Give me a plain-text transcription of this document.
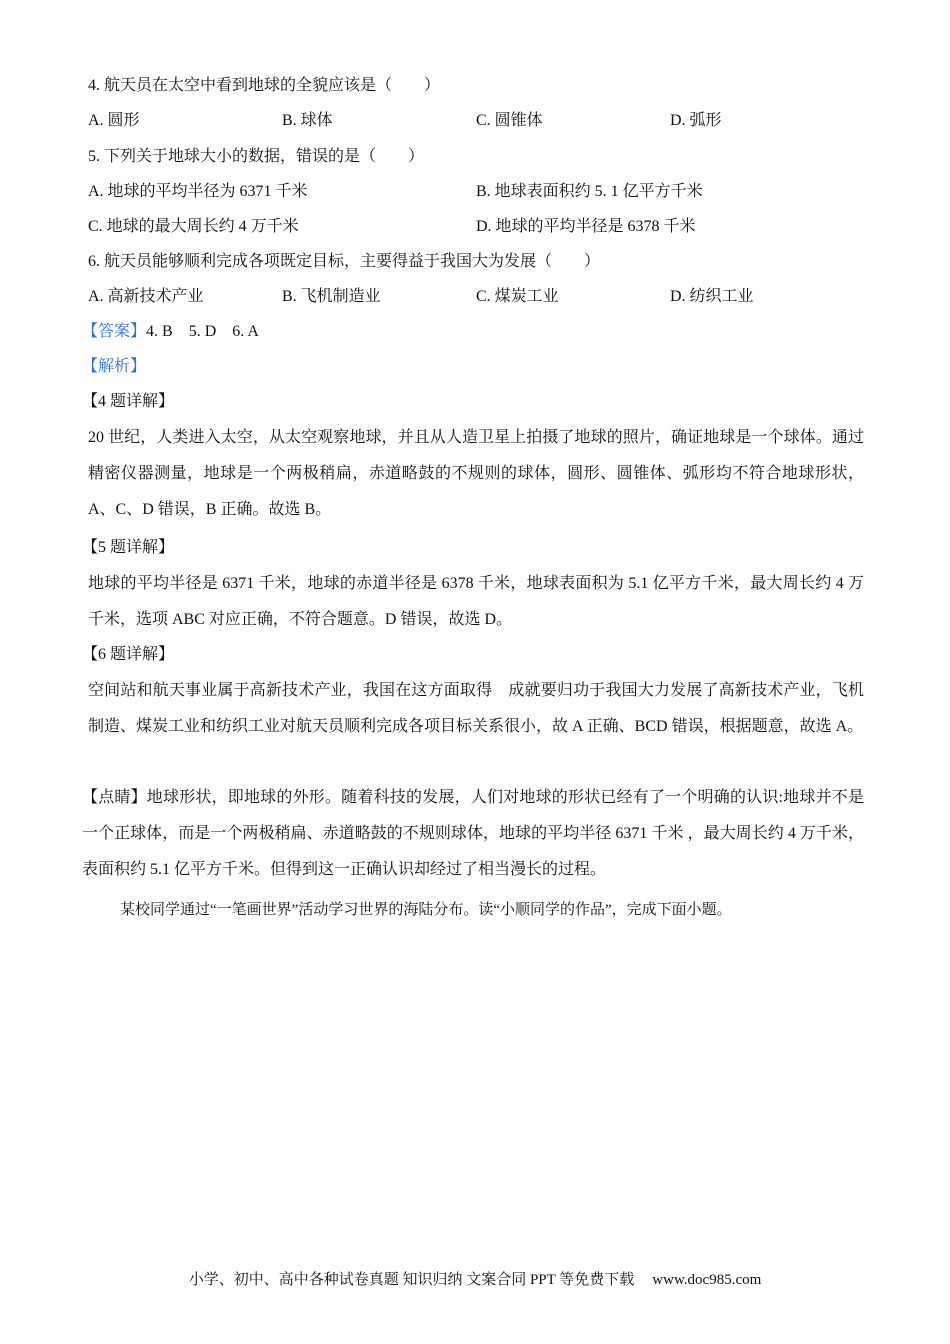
4. 航天员在太空中看到地球的全貌应该是（　　）
A. 圆形	B. 球体	C. 圆锥体	D. 弧形
5. 下列关于地球大小的数据，错误的是（　　）
A. 地球的平均半径为 6371 千米	B. 地球表面积约 5. 1 亿平方千米
C. 地球的最大周长约 4 万千米	D. 地球的平均半径是 6378 千米
6. 航天员能够顺利完成各项既定目标，主要得益于我国大为发展（　　）
A. 高新技术产业	B. 飞机制造业	C. 煤炭工业	D. 纺织工业
【答案】4. B　5. D　6. A
【解析】
【4 题详解】
20 世纪，人类进入太空，从太空观察地球，并且从人造卫星上拍摄了地球的照片，确证地球是一个球体。通过精密仪器测量，地球是一个两极稍扁，赤道略鼓的不规则的球体，圆形、圆锥体、弧形均不符合地球形状，A、C、D 错误，B 正确。故选 B。
【5 题详解】
地球的平均半径是 6371 千米，地球的赤道半径是 6378 千米，地球表面积为 5.1 亿平方千米，最大周长约 4 万千米，选项 ABC 对应正确，不符合题意。D 错误，故选 D。
【6 题详解】
空间站和航天事业属于高新技术产业，我国在这方面取得　成就要归功于我国大力发展了高新技术产业，飞机制造、煤炭工业和纺织工业对航天员顺利完成各项目标关系很小，故 A 正确、BCD 错误，根据题意，故选 A。
【点睛】地球形状，即地球的外形。随着科技的发展，人们对地球的形状已经有了一个明确的认识:地球并不是一个正球体，而是一个两极稍扁、赤道略鼓的不规则球体，地球的平均半径 6371 千米 ，最大周长约 4 万千米，表面积约 5.1 亿平方千米。但得到这一正确认识却经过了相当漫长的过程。
某校同学通过“一笔画世界”活动学习世界的海陆分布。读“小顺同学的作品”，完成下面小题。
小学、初中、高中各种试卷真题 知识归纳 文案合同 PPT 等免费下载 www.doc985.com
